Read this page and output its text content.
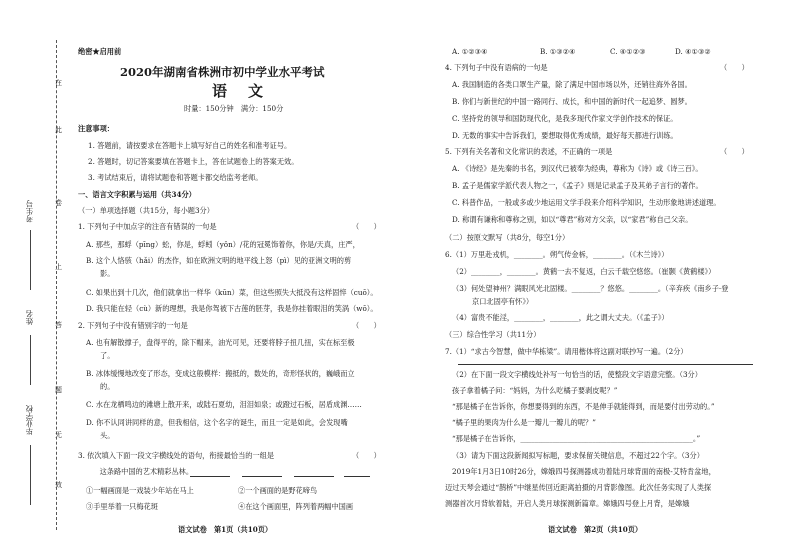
在
此
卷
上
答
题
无
效
考生号
姓名
毕业学校
绝密★启用前
2020年湖南省株洲市初中学业水平考试
语　文
时量：150分钟　满分：150分
注意事项：
1. 答题前，请按要求在答题卡上填写好自己的姓名和准考证号。
2. 答题时，切记答案要填在答题卡上，答在试题卷上的答案无效。
3. 考试结束后，请将试题卷和答题卡都交给监考老师。
一、语言文字积累与运用（共34分）
（一）单项选择题（共15分，每小题3分）
1. 下列句子中加点字的注音有错误的一句是	（　　）
A. 那些，那蜉（pīng）蚣，你是，蜉蚓（yǒn）/花的冠冕饰着你，你是/天真，庄严，
B. 这个人恪骇（hǎi）的杰作，如在欧洲文明的地平线上怒（pì）见的亚洲文明的剪
影。
C. 如果出到十几次，他们就拿出一样华（kūn）菜，但这些照失大抵没有这样固悴（cuō）。
D. 我只能在轻（cù）新的理想，我是你驾被下古莲的胚芽，我是你挂着眼泪的笑涡（wō）。
2. 下列句子中没有错别字的一句是	（　　）
A. 也有解散撑子，盘得平的，除下帽来，油光可见，还要将脖子扭几扭，实在标至极
了。
B. 冰体缓慢地改变了形态，变成这般模样：搬抵的，数处的，奇形怪状的，巍峨而立
的。
C. 水在龙栖鸣边的滩塘上散开来，或陆石夏幼，泪泪如泉；或蹬过石板，居盾成渊……
D. 你不认同讲同样的意，但我相信，这个名字的诞生，而且一定是如此，会发现嘴
头。
3. 依次填入下面一段文字横线处的语句，衔接最恰当的一组是	（　　）
　　　这条路中国的艺术精彩丛林。
①一幅画面是一戏装少年站在马上	②一个画面的是野花啼鸟
③手里举着一只梅花斑	④在这个画面里，阵列着两幅中国画
语文试卷　第1页（共10页）
A. ①②③④	B. ①③②④	C. ④①②③	D. ④①③②
4. 下列句子中没有语病的一句是	（　　）
A. 我国制造的各类口罩生产量，除了满足中国市场以外，还销往海外各国。
B. 你们与新世纪的中国一路同行、成长，和中国的新时代一起追梦、圆梦。
C. 坚持党的领导和国防现代化，是我多现代作家文学创作技术的保证。
D. 无数的事实中告诉我们，要想取得优秀成绩，最好每天都进行训练。
5. 下列有关名著和文化常识的表述，不正确的一项是	（　　）
A. 《诗经》是先秦的书名，到汉代已被奉为经典，尊称为《诗》或《诗三百》。
B. 孟子是儒家学派代表人物之一，《孟子》则是记录孟子及其弟子言行的著作。
C. 科普作品，一般或多或少地运用文学手段来介绍科学知识，生动形象地讲述道理。
D. 称谓有谦称和尊称之别，如以“尊君”称对方父亲，以“家君”称自己父亲。
（二）按原文默写（共8分，每空1分）
6.（1）万里赴戎机，________。朔气传金柝，________。（《木兰诗》）
（2）________，________。黄鹤一去不复返，白云千载空悠悠。（崔颢《黄鹤楼》）
（3）何处望神州？满眼风光北固楼。________？悠悠。________。（辛弃疾《南乡子·登
京口北固亭有怀》）
（4）富贵不能淫，________，________，此之谓大丈夫。（《孟子》）
（三）综合性学习（共11分）
7.（1）“求古今智慧，做中华栋梁”。请用楷体将这副对联抄写一遍。（2分）
（2）在下面一段文字横线处补写一句恰当的话，使整段文字语意完整。（3分）
孩子拿着橘子问：“妈妈，为什么吃橘子要剥皮呢？”
“那是橘子在告诉你，你想要得到的东西，不是伸手就能得到，而是要付出劳动的。”
“橘子里的果肉为什么是一瓣儿一瓣儿的呢？”
“那是橘子在告诉你，________________________________________________。”
（3）请为下面这段新闻拟写标题，要求保留关键信息，不超过22个字。（3分）
2019年1月3日10时26分，嫦娥四号探测器成功着陆月球背面的南极-艾特肯盆地，
迈过天琴会通过“鹊桥”中继星传回近距离拍摄的月背影像图。此次任务实现了人类探
测器首次月背软着陆，开启人类月球探测新篇章。嫦娥四号登上月背，是嫦娥
语文试卷　第2页（共10页）
